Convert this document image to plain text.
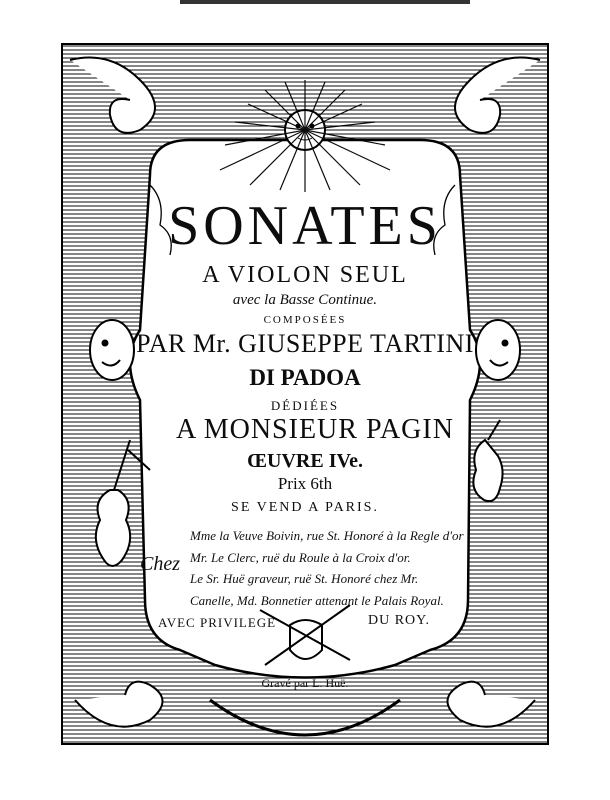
SONATES
A VIOLON SEUL
avec la Basse Continue.
COMPOSÉES
PAR Mr. GIUSEPPE TARTINI
DI PADOA
DÉDIÉES
A MONSIEUR PAGIN
ŒUVRE IVe.
Prix 6th
SE VEND A PARIS.
Chez
Mme la Veuve Boivin, rue St. Honoré à la Regle d'or
Mr. Le Clerc, ruë du Roule à la Croix d'or.
Le Sr. Huë graveur, ruë St. Honoré chez Mr.
Canelle, Md. Bonnetier attenant le Palais Royal.
AVEC PRIVILEGE	DU ROY.
Gravé par L. Huë.
